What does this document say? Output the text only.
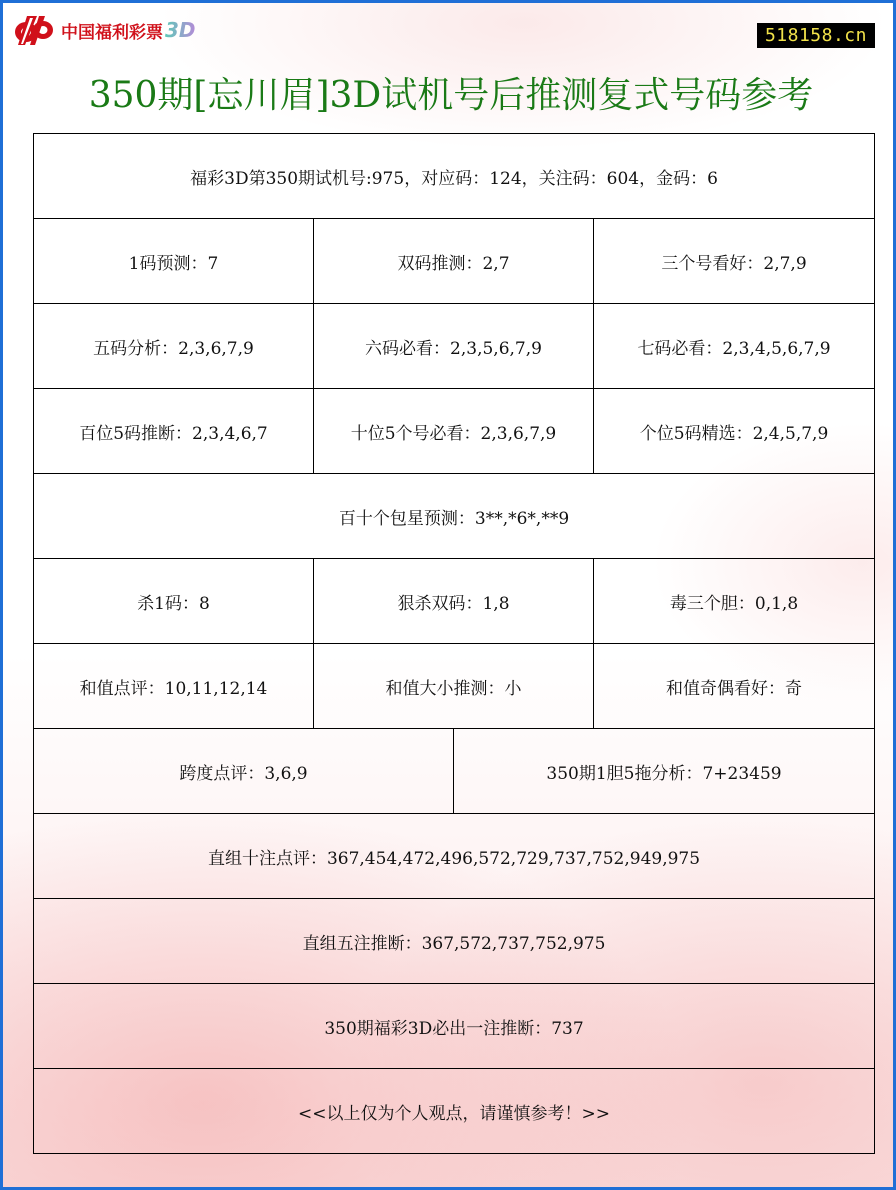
中国福利彩票 3D	518158.cn
350期[忘川眉]3D试机号后推测复式号码参考
福彩3D第350期试机号:975，对应码：124，关注码：604，金码：6			
1码预测：7	双码推测：2,7		三个号看好：2,7,9
五码分析：2,3,6,7,9	六码必看：2,3,5,6,7,9		七码必看：2,3,4,5,6,7,9
百位5码推断：2,3,4,6,7	十位5个号必看：2,3,6,7,9		个位5码精选：2,4,5,7,9
百十个包星预测：3**,*6*,**9			
杀1码：8	狠杀双码：1,8		毒三个胆：0,1,8
和值点评：10,11,12,14	和值大小推测：小		和值奇偶看好：奇
跨度点评：3,6,9		350期1胆5拖分析：7+23459	
直组十注点评：367,454,472,496,572,729,737,752,949,975			
直组五注推断：367,572,737,752,975			
350期福彩3D必出一注推断：737			
<<以上仅为个人观点，请谨慎参考！>>			
